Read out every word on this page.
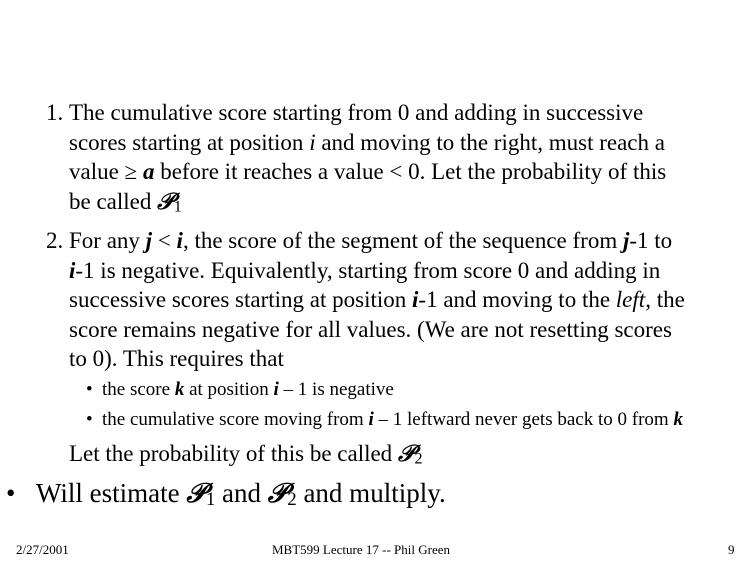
1. The cumulative score starting from 0 and adding in successive
scores starting at position i and moving to the right, must reach a
value ≥ a before it reaches a value < 0. Let the probability of this
be called 𝒫1
2. For any j < i, the score of the segment of the sequence from j-1 to
i-1 is negative. Equivalently, starting from score 0 and adding in
successive scores starting at position i-1 and moving to the left, the
score remains negative for all values. (We are not resetting scores
to 0). This requires that
• the score k at position i – 1 is negative
• the cumulative score moving from i – 1 leftward never gets back to 0 from k
Let the probability of this be called 𝒫2
• Will estimate 𝒫1 and 𝒫2 and multiply.
2/27/2001	MBT599 Lecture 17 -- Phil Green	9
